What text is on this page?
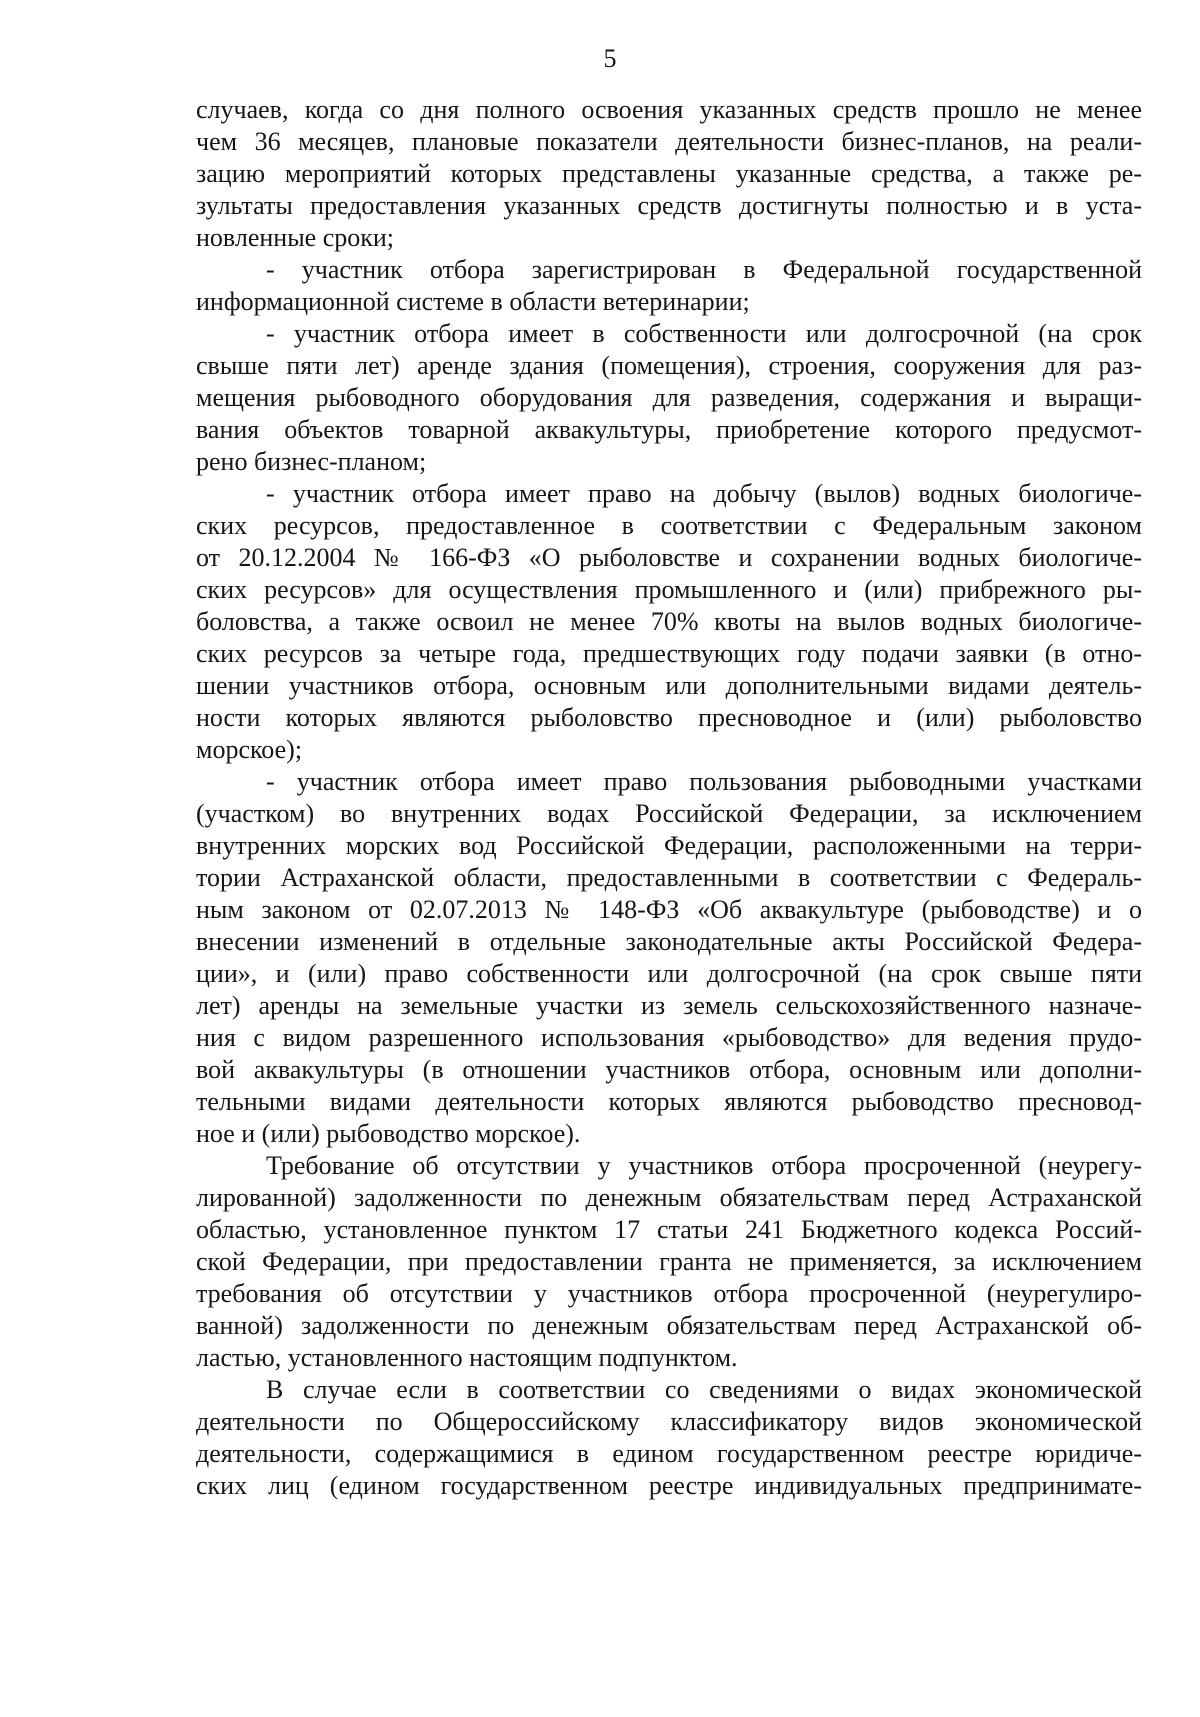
5
случаев, когда со дня полного освоения указанных средств прошло не менее
чем 36 месяцев, плановые показатели деятельности бизнес-планов, на реали-
зацию мероприятий которых представлены указанные средства, а также ре-
зультаты предоставления указанных средств достигнуты полностью и в уста-
новленные сроки;
- участник отбора зарегистрирован в Федеральной государственной
информационной системе в области ветеринарии;
- участник отбора имеет в собственности или долгосрочной (на срок
свыше пяти лет) аренде здания (помещения), строения, сооружения для раз-
мещения рыбоводного оборудования для разведения, содержания и выращи-
вания объектов товарной аквакультуры, приобретение которого предусмот-
рено бизнес-планом;
- участник отбора имеет право на добычу (вылов) водных биологиче-
ских ресурсов, предоставленное в соответствии с Федеральным законом
от 20.12.2004 № 166-ФЗ «О рыболовстве и сохранении водных биологиче-
ских ресурсов» для осуществления промышленного и (или) прибрежного ры-
боловства, а также освоил не менее 70% квоты на вылов водных биологиче-
ских ресурсов за четыре года, предшествующих году подачи заявки (в отно-
шении участников отбора, основным или дополнительными видами деятель-
ности которых являются рыболовство пресноводное и (или) рыболовство
морское);
- участник отбора имеет право пользования рыбоводными участками
(участком) во внутренних водах Российской Федерации, за исключением
внутренних морских вод Российской Федерации, расположенными на терри-
тории Астраханской области, предоставленными в соответствии с Федераль-
ным законом от 02.07.2013 № 148-ФЗ «Об аквакультуре (рыбоводстве) и о
внесении изменений в отдельные законодательные акты Российской Федера-
ции», и (или) право собственности или долгосрочной (на срок свыше пяти
лет) аренды на земельные участки из земель сельскохозяйственного назначе-
ния с видом разрешенного использования «рыбоводство» для ведения прудо-
вой аквакультуры (в отношении участников отбора, основным или дополни-
тельными видами деятельности которых являются рыбоводство пресновод-
ное и (или) рыбоводство морское).
Требование об отсутствии у участников отбора просроченной (неурегу-
лированной) задолженности по денежным обязательствам перед Астраханской
областью, установленное пунктом 17 статьи 241 Бюджетного кодекса Россий-
ской Федерации, при предоставлении гранта не применяется, за исключением
требования об отсутствии у участников отбора просроченной (неурегулиро-
ванной) задолженности по денежным обязательствам перед Астраханской об-
ластью, установленного настоящим подпунктом.
В случае если в соответствии со сведениями о видах экономической
деятельности по Общероссийскому классификатору видов экономической
деятельности, содержащимися в едином государственном реестре юридиче-
ских лиц (едином государственном реестре индивидуальных предпринимате-
